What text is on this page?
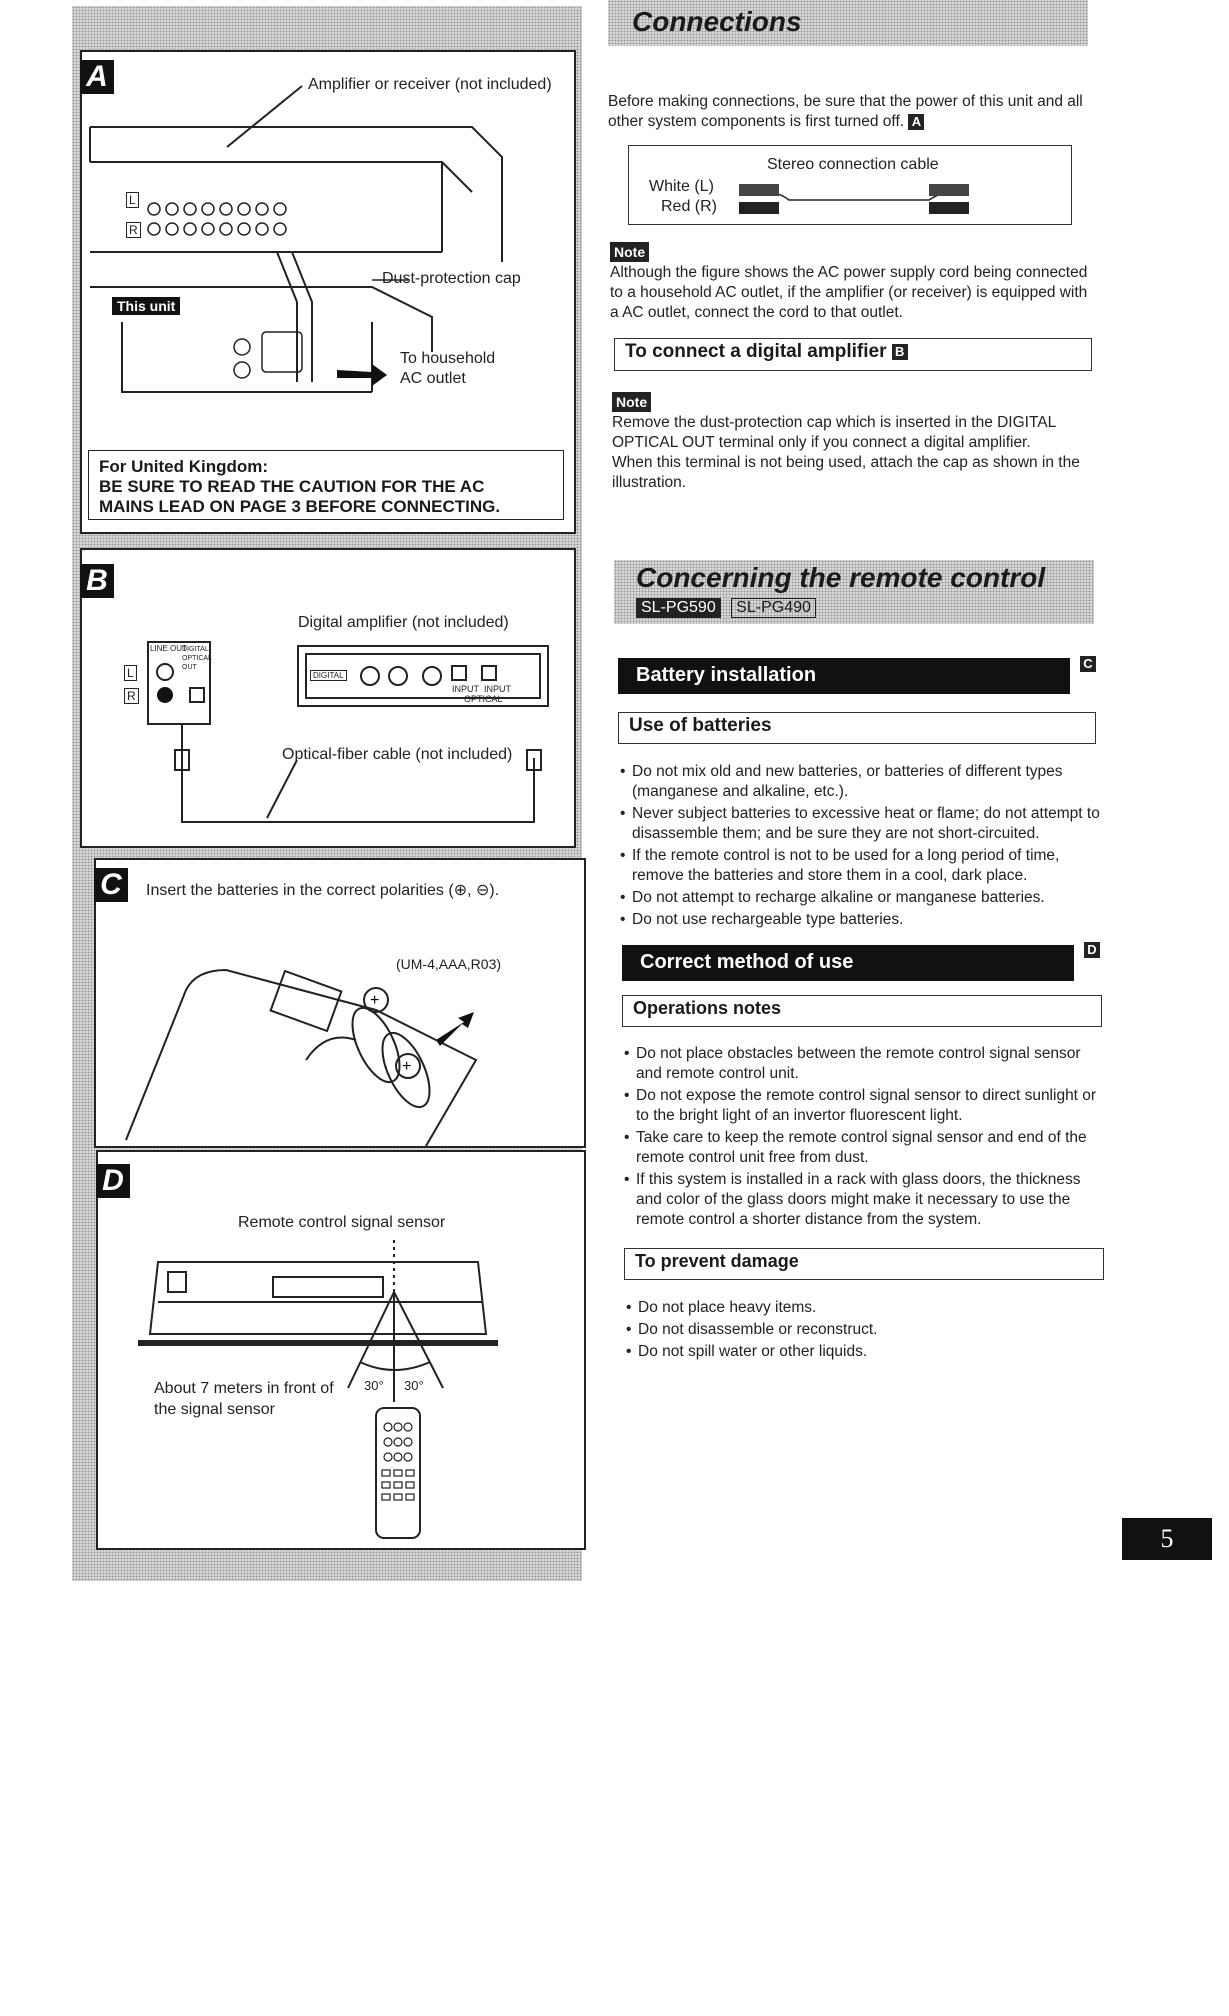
A	Amplifier or receiver (not included)
L
R
This unit
Dust-protection cap
To household
AC outlet
For United Kingdom:
BE SURE TO READ THE CAUTION FOR THE AC
MAINS LEAD ON PAGE 3 BEFORE CONNECTING.
B
Digital amplifier (not included)
L
R
LINE OUT
DIGITAL OPTICAL OUT
DIGITAL
INPUT INPUT
OPTICAL
Optical-fiber cable (not included)
C	Insert the batteries in the correct polarities (⊕, ⊖).
(UM-4,AAA,R03)
+
+
D
Remote control signal sensor
30° 30°
About 7 meters in front of
the signal sensor
Connections
Before making connections, be sure that the power of this unit and all
other system components is first turned off. A
Stereo connection cable
White (L)
Red (R)
Note
Although the figure shows the AC power supply cord being connected
to a household AC outlet, if the amplifier (or receiver) is equipped with
a AC outlet, connect the cord to that outlet.
To connect a digital amplifier B
Note
Remove the dust-protection cap which is inserted in the DIGITAL
OPTICAL OUT terminal only if you connect a digital amplifier.
When this terminal is not being used, attach the cap as shown in the
illustration.
Concerning the remote control
SL-PG590 SL-PG490
Battery installation
C
Use of batteries
• Do not mix old and new batteries, or batteries of different types (manganese and alkaline, etc.).
• Never subject batteries to excessive heat or flame; do not attempt to disassemble them; and be sure they are not short-circuited.
• If the remote control is not to be used for a long period of time, remove the batteries and store them in a cool, dark place.
• Do not attempt to recharge alkaline or manganese batteries.
• Do not use rechargeable type batteries.
Correct method of use
D
Operations notes
• Do not place obstacles between the remote control signal sensor and remote control unit.
• Do not expose the remote control signal sensor to direct sunlight or to the bright light of an invertor fluorescent light.
• Take care to keep the remote control signal sensor and end of the remote control unit free from dust.
• If this system is installed in a rack with glass doors, the thickness and color of the glass doors might make it necessary to use the remote control a shorter distance from the system.
To prevent damage
• Do not place heavy items.
• Do not disassemble or reconstruct.
• Do not spill water or other liquids.
5
